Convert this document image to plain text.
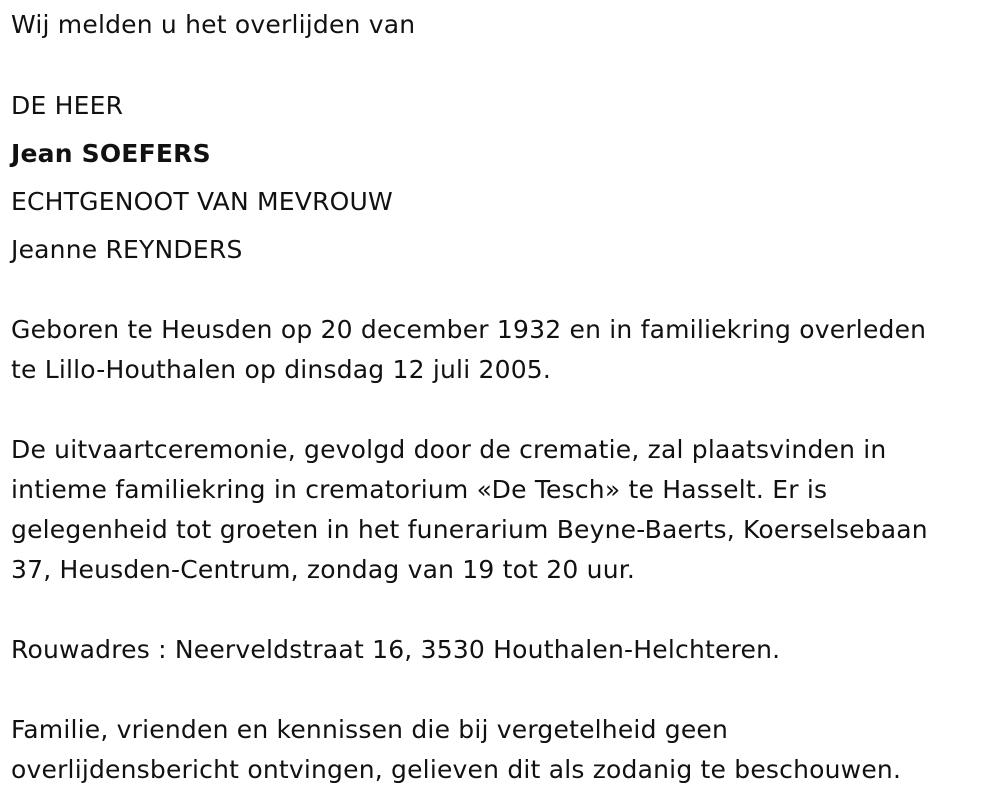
Wij melden u het overlijden van
DE HEER
Jean SOEFERS
ECHTGENOOT VAN MEVROUW
Jeanne REYNDERS
Geboren te Heusden op 20 december 1932 en in familiekring overleden
te Lillo-Houthalen op dinsdag 12 juli 2005.
De uitvaartceremonie, gevolgd door de crematie, zal plaatsvinden in
intieme familiekring in crematorium «De Tesch» te Hasselt. Er is
gelegenheid tot groeten in het funerarium Beyne-Baerts, Koerselsebaan
37, Heusden-Centrum, zondag van 19 tot 20 uur.
Rouwadres : Neerveldstraat 16, 3530 Houthalen-Helchteren.
Familie, vrienden en kennissen die bij vergetelheid geen
overlijdensbericht ontvingen, gelieven dit als zodanig te beschouwen.
